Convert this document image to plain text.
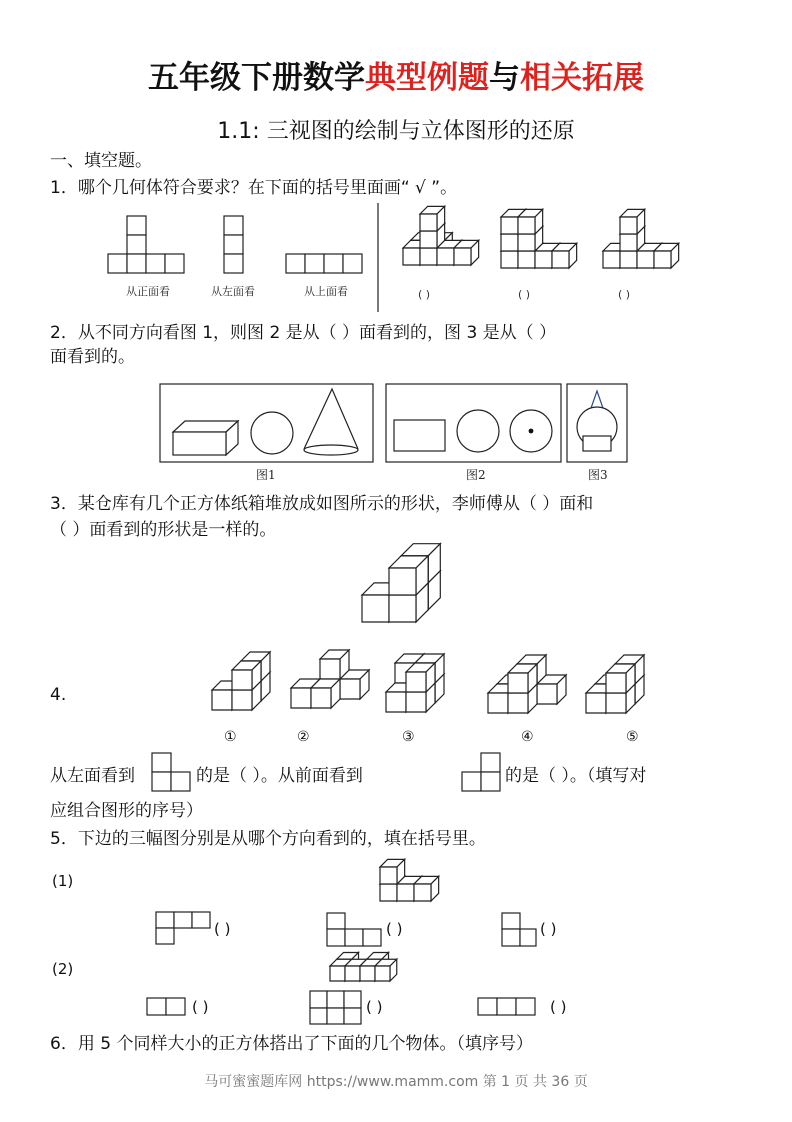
五年级下册数学典型例题与相关拓展
1.1: 三视图的绘制与立体图形的还原
一、填空题。
1．哪个几何体符合要求？在下面的括号里面画“ √ ”。
从正面看	从左面看	从上面看	( )	( )	( )
2．从不同方向看图 1，则图 2 是从（ ）面看到的，图 3 是从（ ）
面看到的。
图1	图2	图3
3．某仓库有几个正方体纸箱堆放成如图所示的形状，李师傅从（ ）面和
（ ）面看到的形状是一样的。
4.
①	②	③	④	⑤
从左面看到	的是（ ）。从前面看到	的是（ ）。（填写对
应组合图形的序号）
5．下边的三幅图分别是从哪个方向看到的，填在括号里。
(1)
(2)
( )	( )	( )
( )	( )	( )
6．用 5 个同样大小的正方体搭出了下面的几个物体。（填序号）
马可蜜蜜题库网 https://www.mamm.com 第 1 页 共 36 页
